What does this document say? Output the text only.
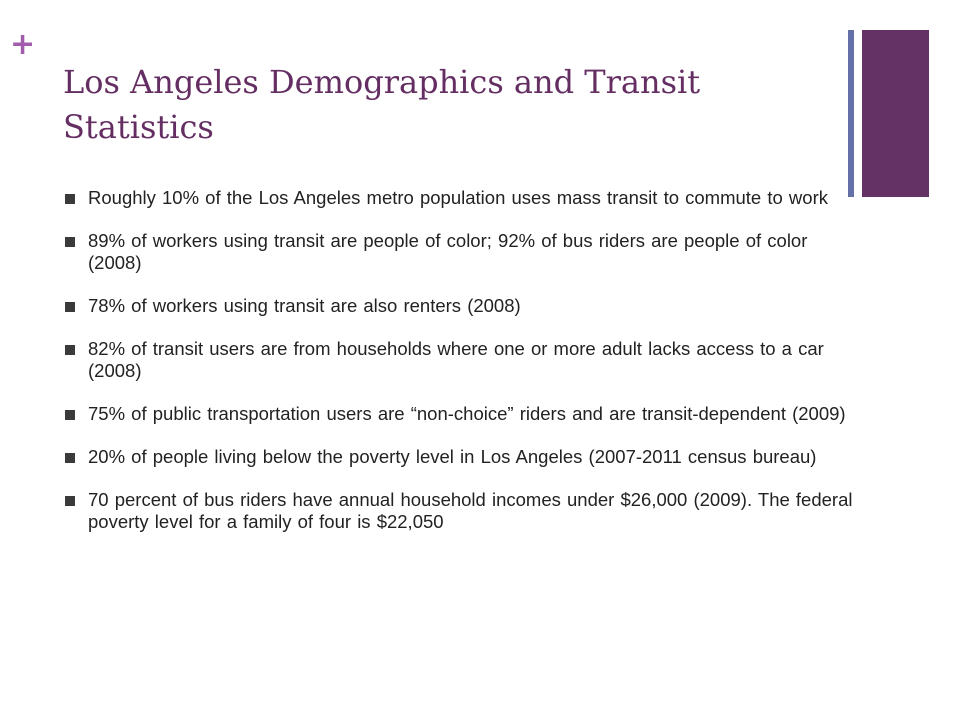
+
Los Angeles Demographics and Transit Statistics
Roughly 10% of the Los Angeles metro population uses mass transit to commute to work
89% of workers using transit are people of color; 92% of bus riders are people of color (2008)
78% of workers using transit are also renters (2008)
82% of transit users are from households where one or more adult lacks access to a car (2008)
75% of public transportation users are “non-choice” riders and are transit-dependent (2009)
20% of people living below the poverty level in Los Angeles (2007-2011 census bureau)
70 percent of bus riders have annual household incomes under $26,000 (2009). The federal poverty level for a family of four is $22,050
